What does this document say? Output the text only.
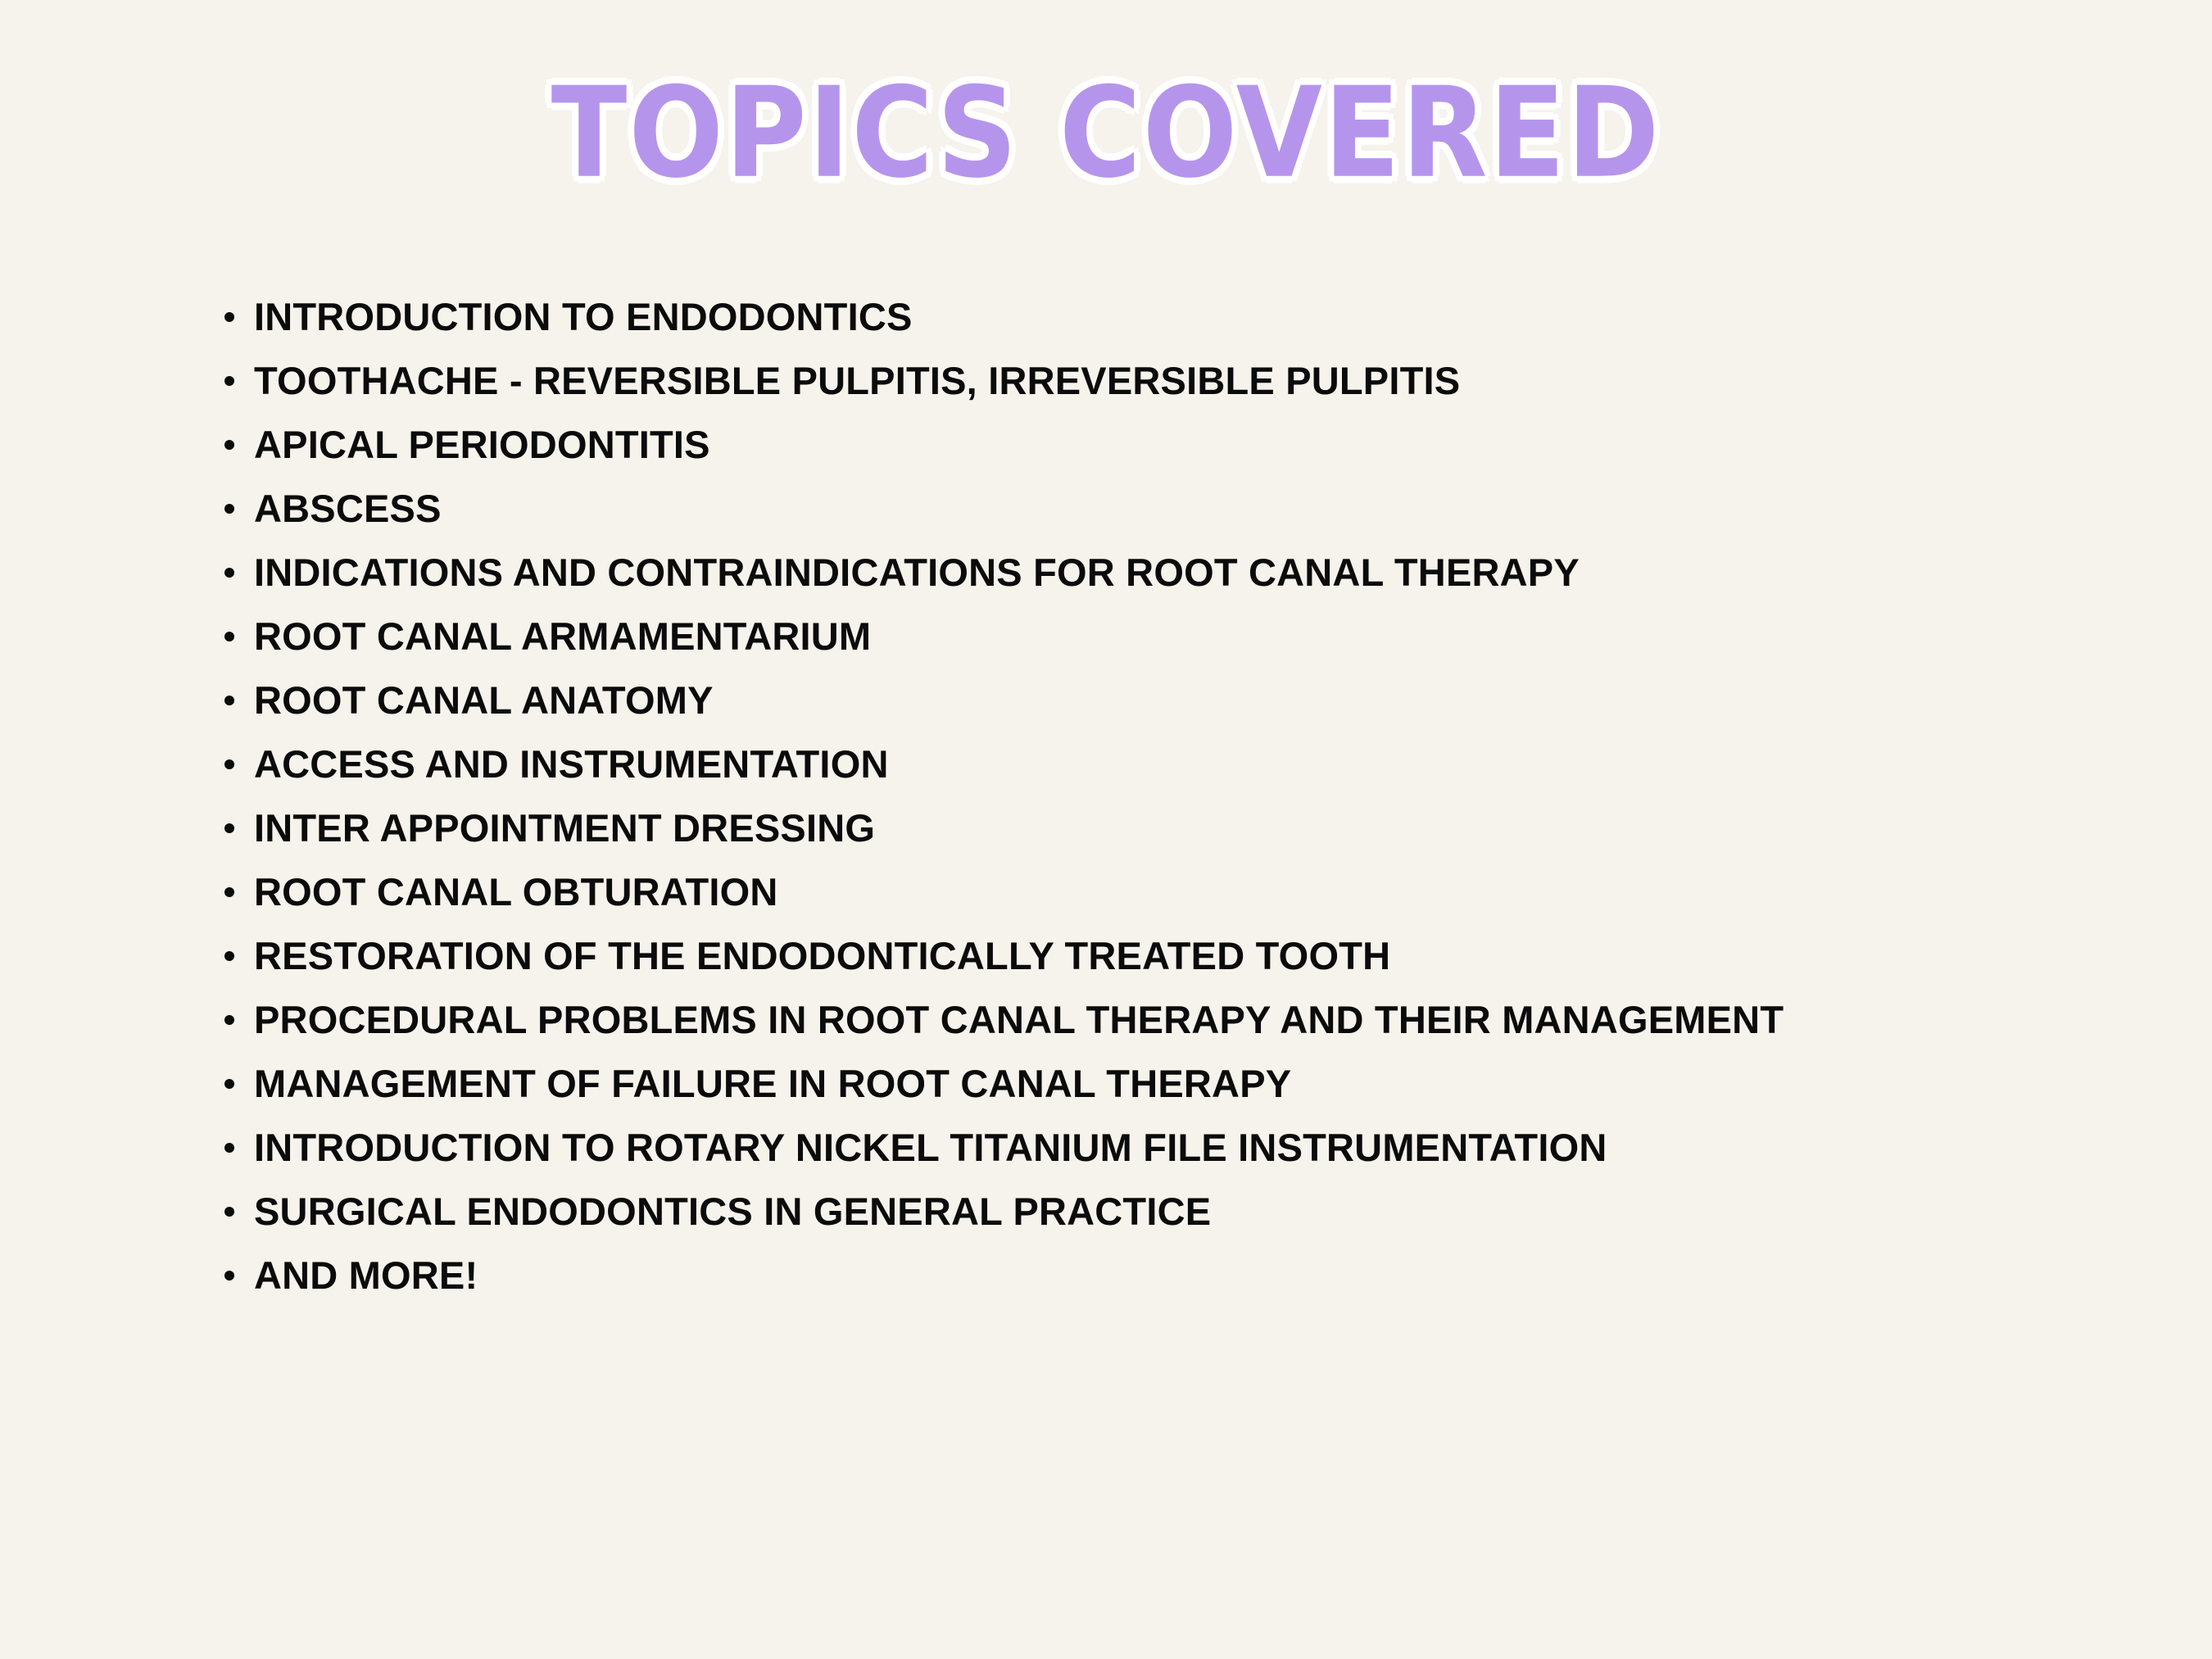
TOPICS COVERED
INTRODUCTION TO ENDODONTICS
TOOTHACHE - REVERSIBLE PULPITIS, IRREVERSIBLE PULPITIS
APICAL PERIODONTITIS
ABSCESS
INDICATIONS AND CONTRAINDICATIONS FOR ROOT CANAL THERAPY
ROOT CANAL ARMAMENTARIUM
ROOT CANAL ANATOMY
ACCESS AND INSTRUMENTATION
INTER APPOINTMENT DRESSING
ROOT CANAL OBTURATION
RESTORATION OF THE ENDODONTICALLY TREATED TOOTH
PROCEDURAL PROBLEMS IN ROOT CANAL THERAPY AND THEIR MANAGEMENT
MANAGEMENT OF FAILURE IN ROOT CANAL THERAPY
INTRODUCTION TO ROTARY NICKEL TITANIUM FILE INSTRUMENTATION
SURGICAL ENDODONTICS IN GENERAL PRACTICE
AND MORE!
